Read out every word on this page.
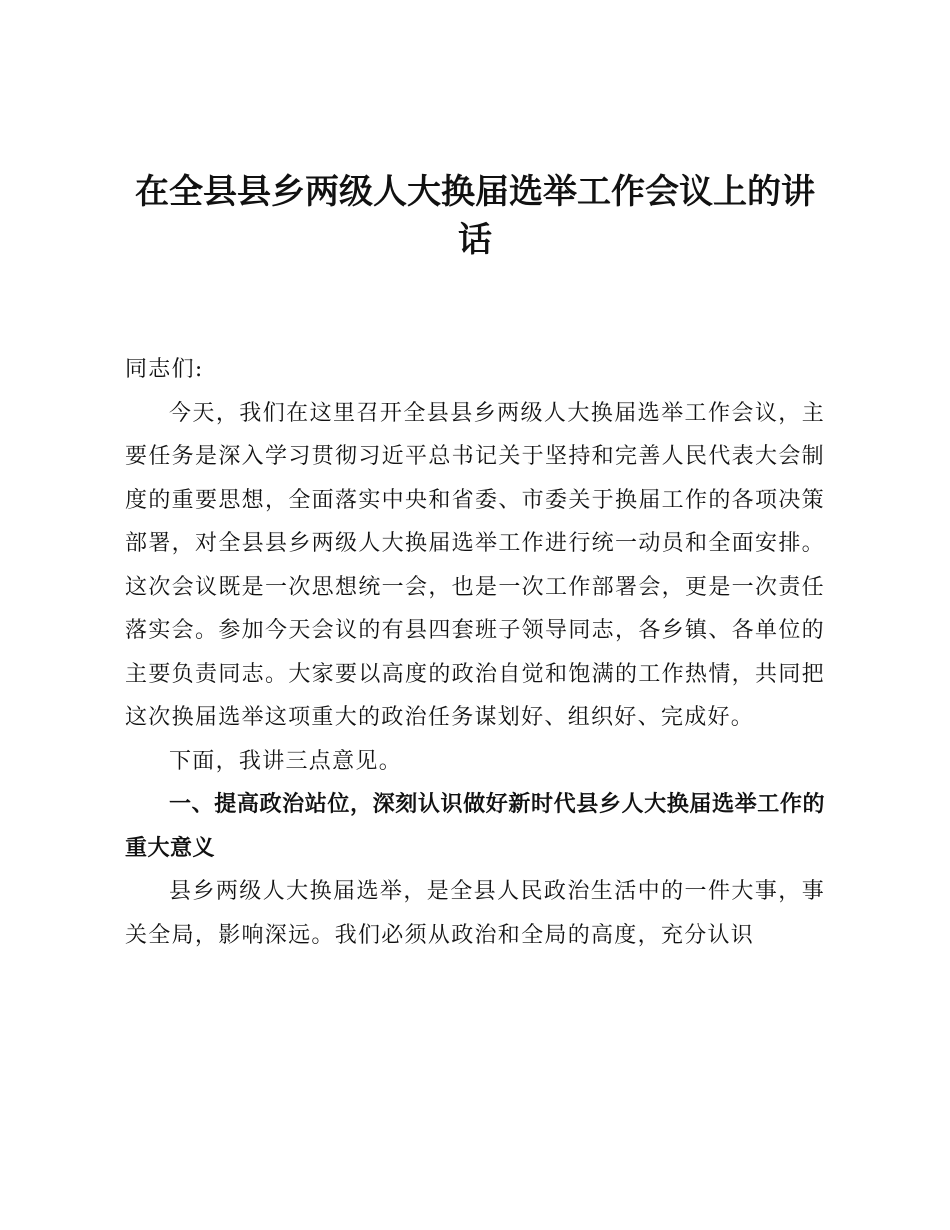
在全县县乡两级人大换届选举工作会议上的讲话

同志们:

今天，我们在这里召开全县县乡两级人大换届选举工作会议，主要任务是深入学习贯彻习近平总书记关于坚持和完善人民代表大会制度的重要思想，全面落实中央和省委、市委关于换届工作的各项决策部署，对全县县乡两级人大换届选举工作进行统一动员和全面安排。这次会议既是一次思想统一会，也是一次工作部署会，更是一次责任落实会。参加今天会议的有县四套班子领导同志，各乡镇、各单位的主要负责同志。大家要以高度的政治自觉和饱满的工作热情，共同把这次换届选举这项重大的政治任务谋划好、组织好、完成好。

下面，我讲三点意见。

一、提高政治站位，深刻认识做好新时代县乡人大换届选举工作的重大意义

县乡两级人大换届选举，是全县人民政治生活中的一件大事，事关全局，影响深远。我们必须从政治和全局的高度，充分认识
